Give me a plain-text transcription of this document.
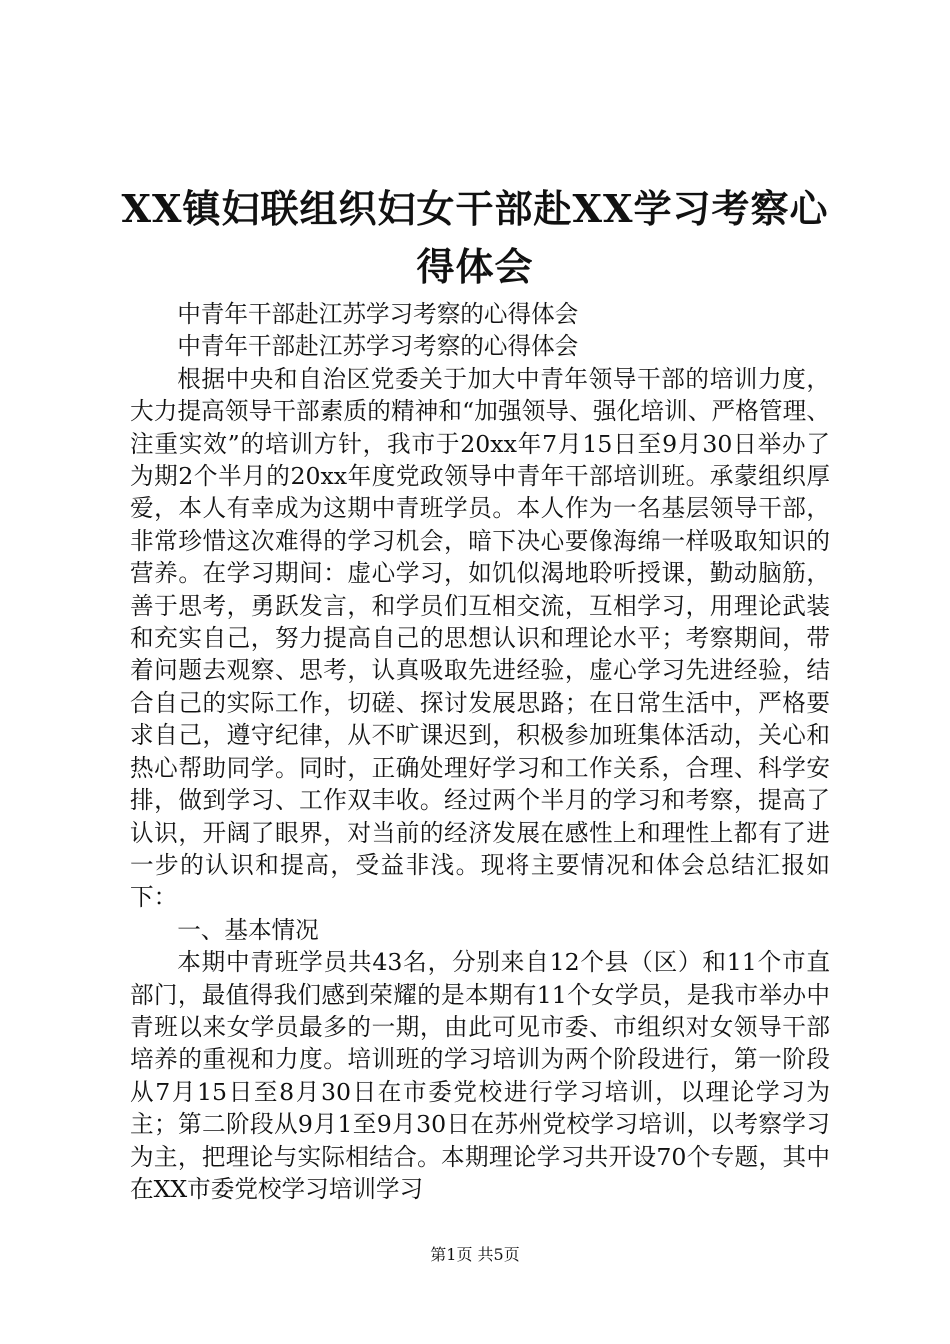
XX镇妇联组织妇女干部赴XX学习考察心得体会

中青年干部赴江苏学习考察的心得体会

中青年干部赴江苏学习考察的心得体会

根据中央和自治区党委关于加大中青年领导干部的培训力度，大力提高领导干部素质的精神和“加强领导、强化培训、严格管理、注重实效”的培训方针，我市于20xx年7月15日至9月30日举办了为期2个半月的20xx年度党政领导中青年干部培训班。承蒙组织厚爱，本人有幸成为这期中青班学员。本人作为一名基层领导干部，非常珍惜这次难得的学习机会，暗下决心要像海绵一样吸取知识的营养。在学习期间：虚心学习，如饥似渴地聆听授课，勤动脑筋，善于思考，勇跃发言，和学员们互相交流，互相学习，用理论武装和充实自己，努力提高自己的思想认识和理论水平；考察期间，带着问题去观察、思考，认真吸取先进经验，虚心学习先进经验，结合自己的实际工作，切磋、探讨发展思路；在日常生活中，严格要求自己，遵守纪律，从不旷课迟到，积极参加班集体活动，关心和热心帮助同学。同时，正确处理好学习和工作关系，合理、科学安排，做到学习、工作双丰收。经过两个半月的学习和考察，提高了认识，开阔了眼界，对当前的经济发展在感性上和理性上都有了进一步的认识和提高，受益非浅。现将主要情况和体会总结汇报如下：

一、基本情况

本期中青班学员共43名，分别来自12个县（区）和11个市直部门，最值得我们感到荣耀的是本期有11个女学员，是我市举办中青班以来女学员最多的一期，由此可见市委、市组织对女领导干部培养的重视和力度。培训班的学习培训为两个阶段进行，第一阶段从7月15日至8月30日在市委党校进行学习培训，以理论学习为主；第二阶段从9月1至9月30日在苏州党校学习培训，以考察学习为主，把理论与实际相结合。本期理论学习共开设70个专题，其中在XX市委党校学习培训学习

第1页 共5页
